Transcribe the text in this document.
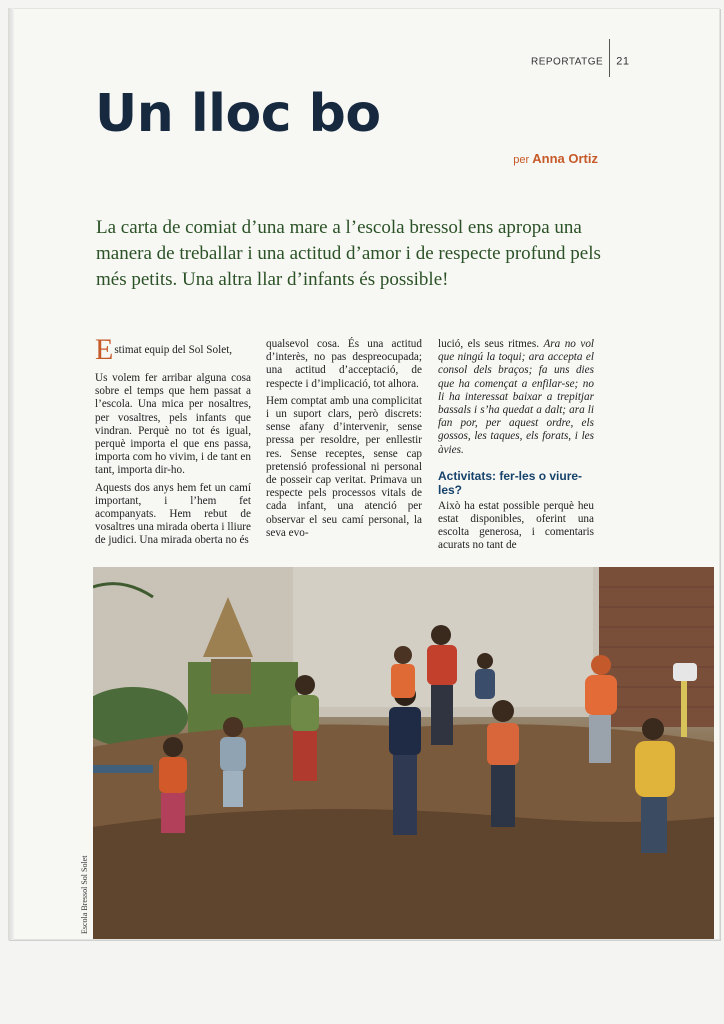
REPORTATGE 21
Un lloc bo
per Anna Ortiz

La carta de comiat d’una mare a l’escola bressol ens apropa una manera de treballar i una actitud d’amor i de respecte profund pels més petits. Una altra llar d’infants és possible!

Estimat equip del Sol Solet,

Us volem fer arribar alguna cosa sobre el temps que hem passat a l’escola. Una mica per nosaltres, per vosaltres, pels infants que vindran. Perquè no tot és igual, perquè importa el que ens passa, importa com ho vivim, i de tant en tant, importa dir-ho.

Aquests dos anys hem fet un camí important, i l’hem fet acompanyats. Hem rebut de vosaltres una mirada oberta i lliure de judici. Una mirada oberta no és

qualsevol cosa. És una actitud d’interès, no pas despreocupada; una actitud d’acceptació, de respecte i d’implicació, tot alhora.

Hem comptat amb una complicitat i un suport clars, però discrets: sense afany d’intervenir, sense pressa per resoldre, per enllestir res. Sense receptes, sense cap pretensió professional ni personal de posseir cap veritat. Primava un respecte pels processos vitals de cada infant, una atenció per observar el seu camí personal, la seva evo-

lució, els seus ritmes. Ara no vol que ningú la toqui; ara accepta el consol dels braços; fa uns dies que ha començat a enfilar-se; no li ha interessat baixar a trepitjar bassals i s’ha quedat a dalt; ara li fan por, per aquest ordre, els gossos, les taques, els forats, i les àvies.

Activitats: fer-les o viure-les?

Això ha estat possible perquè heu estat disponibles, oferint una escolta generosa, i comentaris acurats no tant de

Escola Bressol Sol Solet
